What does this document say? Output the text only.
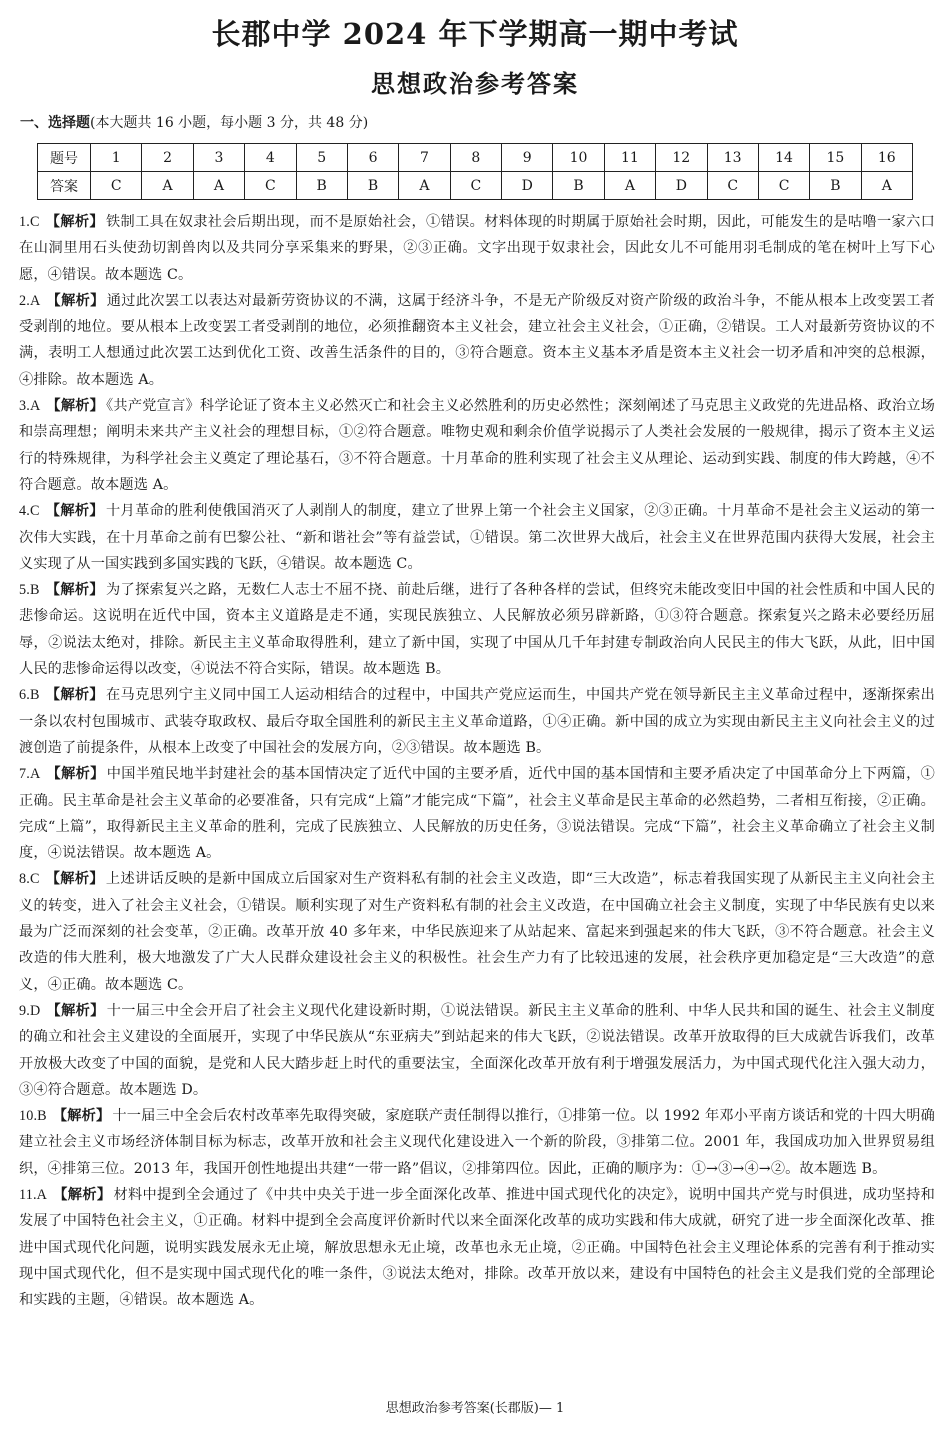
长郡中学 2024 年下学期高一期中考试
思想政治参考答案
一、选择题(本大题共 16 小题，每小题 3 分，共 48 分)
题号	1	2	3	4	5	6	7	8	9	10	11	12	13	14	15	16
答案	C	A	A	C	B	B	A	C	D	B	A	D	C	C	B	A
1.C 【解析】 铁制工具在奴隶社会后期出现，而不是原始社会，①错误。材料体现的时期属于原始社会时期，因此，可能发生的是咕噜一家六口在山洞里用石头使劲切割兽肉以及共同分享采集来的野果，②③正确。文字出现于奴隶社会，因此女儿不可能用羽毛制成的笔在树叶上写下心愿，④错误。故本题选 C。
2.A 【解析】 通过此次罢工以表达对最新劳资协议的不满，这属于经济斗争，不是无产阶级反对资产阶级的政治斗争，不能从根本上改变罢工者受剥削的地位。要从根本上改变罢工者受剥削的地位，必须推翻资本主义社会，建立社会主义社会，①正确，②错误。工人对最新劳资协议的不满，表明工人想通过此次罢工达到优化工资、改善生活条件的目的，③符合题意。资本主义基本矛盾是资本主义社会一切矛盾和冲突的总根源，④排除。故本题选 A。
3.A 【解析】 《共产党宣言》科学论证了资本主义必然灭亡和社会主义必然胜利的历史必然性；深刻阐述了马克思主义政党的先进品格、政治立场和崇高理想；阐明未来共产主义社会的理想目标，①②符合题意。唯物史观和剩余价值学说揭示了人类社会发展的一般规律，揭示了资本主义运行的特殊规律，为科学社会主义奠定了理论基石，③不符合题意。十月革命的胜利实现了社会主义从理论、运动到实践、制度的伟大跨越，④不符合题意。故本题选 A。
4.C 【解析】 十月革命的胜利使俄国消灭了人剥削人的制度，建立了世界上第一个社会主义国家，②③正确。十月革命不是社会主义运动的第一次伟大实践，在十月革命之前有巴黎公社、“新和谐社会”等有益尝试，①错误。第二次世界大战后，社会主义在世界范围内获得大发展，社会主义实现了从一国实践到多国实践的飞跃，④错误。故本题选 C。
5.B 【解析】 为了探索复兴之路，无数仁人志士不屈不挠、前赴后继，进行了各种各样的尝试，但终究未能改变旧中国的社会性质和中国人民的悲惨命运。这说明在近代中国，资本主义道路是走不通，实现民族独立、人民解放必须另辟新路，①③符合题意。探索复兴之路未必要经历屈辱，②说法太绝对，排除。新民主主义革命取得胜利，建立了新中国，实现了中国从几千年封建专制政治向人民民主的伟大飞跃，从此，旧中国人民的悲惨命运得以改变，④说法不符合实际，错误。故本题选 B。
6.B 【解析】 在马克思列宁主义同中国工人运动相结合的过程中，中国共产党应运而生，中国共产党在领导新民主主义革命过程中，逐渐探索出一条以农村包围城市、武装夺取政权、最后夺取全国胜利的新民主主义革命道路，①④正确。新中国的成立为实现由新民主主义向社会主义的过渡创造了前提条件，从根本上改变了中国社会的发展方向，②③错误。故本题选 B。
7.A 【解析】 中国半殖民地半封建社会的基本国情决定了近代中国的主要矛盾，近代中国的基本国情和主要矛盾决定了中国革命分上下两篇，①正确。民主革命是社会主义革命的必要准备，只有完成“上篇”才能完成“下篇”，社会主义革命是民主革命的必然趋势，二者相互衔接，②正确。完成“上篇”，取得新民主主义革命的胜利，完成了民族独立、人民解放的历史任务，③说法错误。完成“下篇”，社会主义革命确立了社会主义制度，④说法错误。故本题选 A。
8.C 【解析】 上述讲话反映的是新中国成立后国家对生产资料私有制的社会主义改造，即“三大改造”，标志着我国实现了从新民主主义向社会主义的转变，进入了社会主义社会，①错误。顺利实现了对生产资料私有制的社会主义改造，在中国确立社会主义制度，实现了中华民族有史以来最为广泛而深刻的社会变革，②正确。改革开放 40 多年来，中华民族迎来了从站起来、富起来到强起来的伟大飞跃，③不符合题意。社会主义改造的伟大胜利，极大地激发了广大人民群众建设社会主义的积极性。社会生产力有了比较迅速的发展，社会秩序更加稳定是“三大改造”的意义，④正确。故本题选 C。
9.D 【解析】 十一届三中全会开启了社会主义现代化建设新时期，①说法错误。新民主主义革命的胜利、中华人民共和国的诞生、社会主义制度的确立和社会主义建设的全面展开，实现了中华民族从“东亚病夫”到站起来的伟大飞跃，②说法错误。改革开放取得的巨大成就告诉我们，改革开放极大改变了中国的面貌，是党和人民大踏步赶上时代的重要法宝，全面深化改革开放有利于增强发展活力，为中国式现代化注入强大动力，③④符合题意。故本题选 D。
10.B 【解析】 十一届三中全会后农村改革率先取得突破，家庭联产责任制得以推行，①排第一位。以 1992 年邓小平南方谈话和党的十四大明确建立社会主义市场经济体制目标为标志，改革开放和社会主义现代化建设进入一个新的阶段，③排第二位。2001 年，我国成功加入世界贸易组织，④排第三位。2013 年，我国开创性地提出共建“一带一路”倡议，②排第四位。因此，正确的顺序为：①→③→④→②。故本题选 B。
11.A 【解析】 材料中提到全会通过了《中共中央关于进一步全面深化改革、推进中国式现代化的决定》，说明中国共产党与时俱进，成功坚持和发展了中国特色社会主义，①正确。材料中提到全会高度评价新时代以来全面深化改革的成功实践和伟大成就，研究了进一步全面深化改革、推进中国式现代化问题，说明实践发展永无止境，解放思想永无止境，改革也永无止境，②正确。中国特色社会主义理论体系的完善有利于推动实现中国式现代化，但不是实现中国式现代化的唯一条件，③说法太绝对，排除。改革开放以来，建设有中国特色的社会主义是我们党的全部理论和实践的主题，④错误。故本题选 A。
思想政治参考答案(长郡版)— 1
